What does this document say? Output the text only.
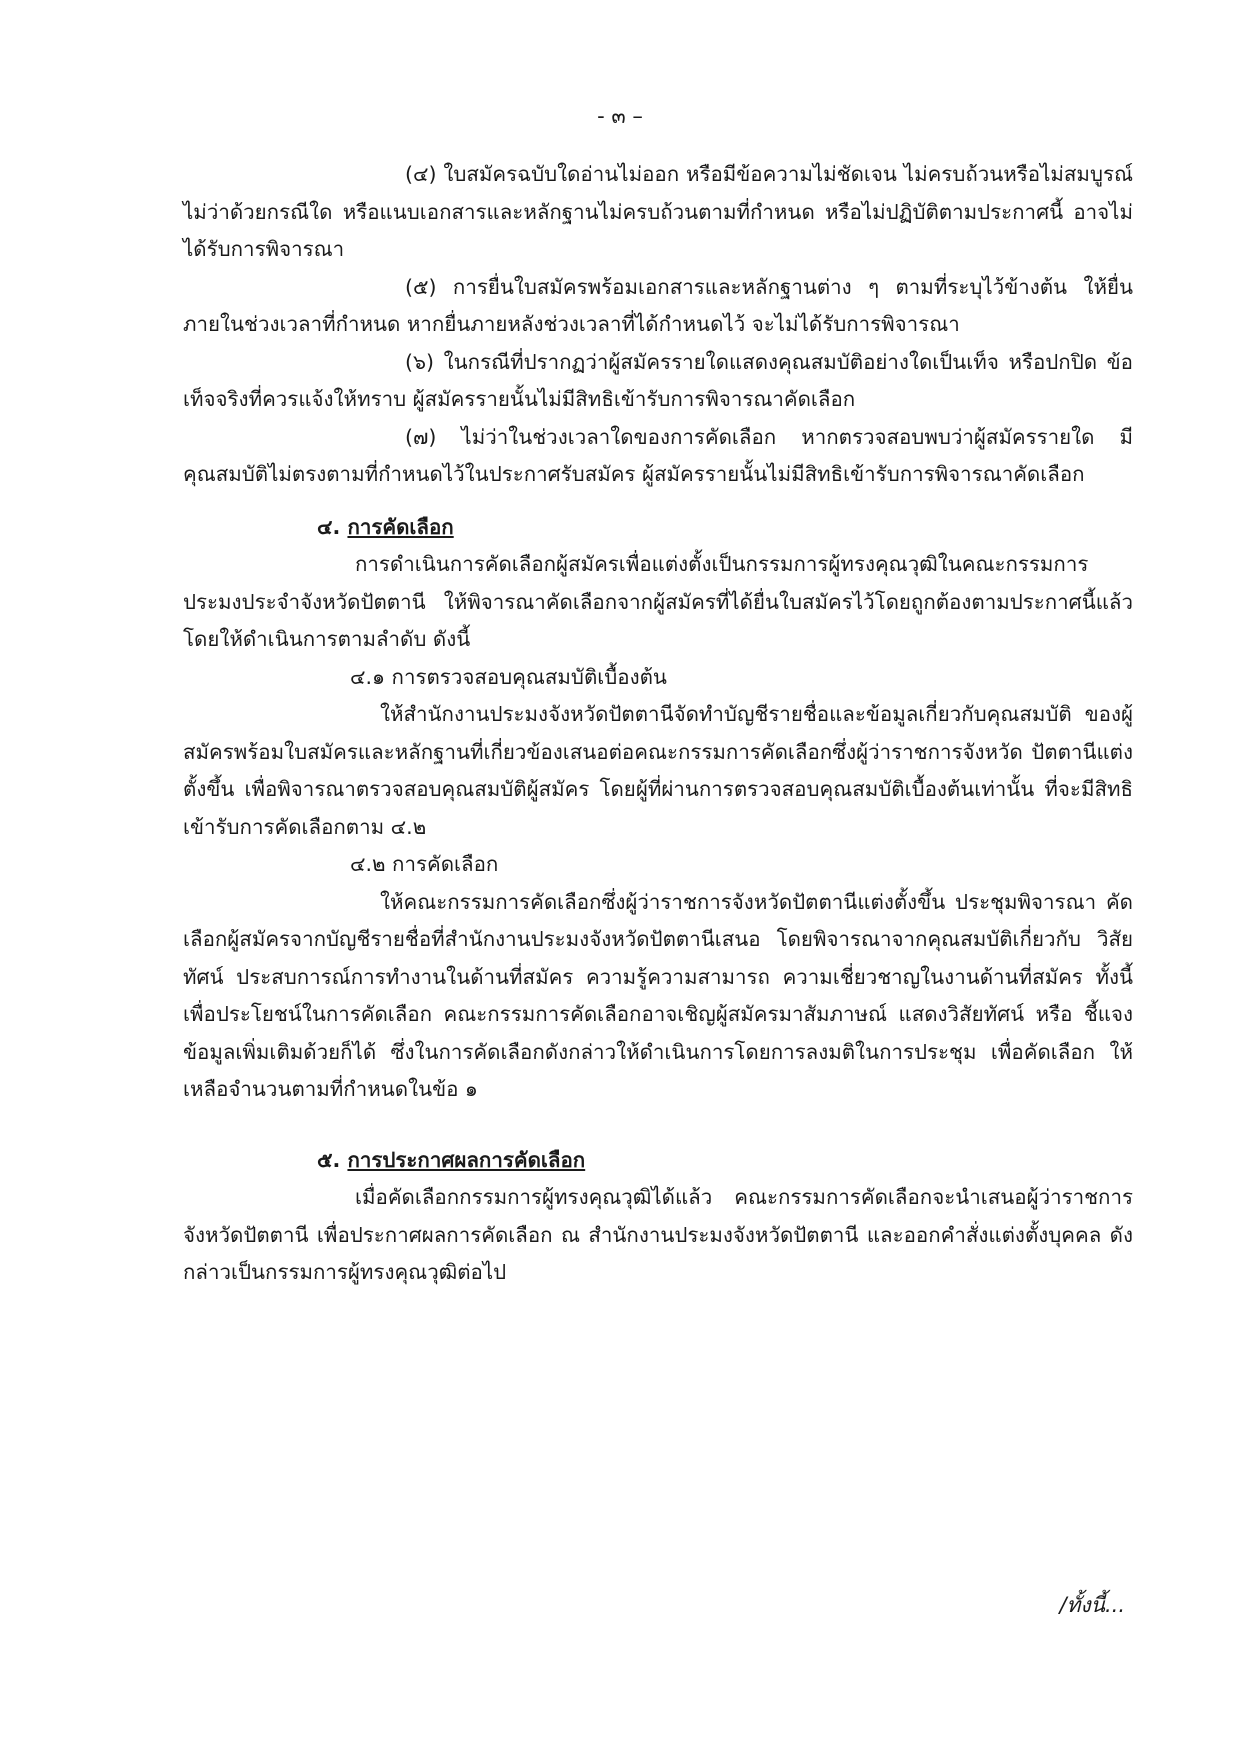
- ๓ –

(๔) ใบสมัครฉบับใดอ่านไม่ออก หรือมีข้อความไม่ชัดเจน ไม่ครบถ้วนหรือไม่สมบูรณ์ ไม่ว่าด้วยกรณีใด หรือแนบเอกสารและหลักฐานไม่ครบถ้วนตามที่กำหนด หรือไม่ปฏิบัติตามประกาศนี้ อาจไม่ได้รับการพิจารณา

(๕) การยื่นใบสมัครพร้อมเอกสารและหลักฐานต่าง ๆ ตามที่ระบุไว้ข้างต้น ให้ยื่นภายในช่วงเวลาที่กำหนด หากยื่นภายหลังช่วงเวลาที่ได้กำหนดไว้ จะไม่ได้รับการพิจารณา

(๖) ในกรณีที่ปรากฏว่าผู้สมัครรายใดแสดงคุณสมบัติอย่างใดเป็นเท็จ หรือปกปิด ข้อเท็จจริงที่ควรแจ้งให้ทราบ ผู้สมัครรายนั้นไม่มีสิทธิเข้ารับการพิจารณาคัดเลือก

(๗) ไม่ว่าในช่วงเวลาใดของการคัดเลือก หากตรวจสอบพบว่าผู้สมัครรายใด มีคุณสมบัติไม่ตรงตามที่กำหนดไว้ในประกาศรับสมัคร ผู้สมัครรายนั้นไม่มีสิทธิเข้ารับการพิจารณาคัดเลือก

๔. การคัดเลือก

การดำเนินการคัดเลือกผู้สมัครเพื่อแต่งตั้งเป็นกรรมการผู้ทรงคุณวุฒิในคณะกรรมการ ประมงประจำจังหวัดปัตตานี ให้พิจารณาคัดเลือกจากผู้สมัครที่ได้ยื่นใบสมัครไว้โดยถูกต้องตามประกาศนี้แล้ว โดยให้ดำเนินการตามลำดับ ดังนี้

๔.๑ การตรวจสอบคุณสมบัติเบื้องต้น

ให้สำนักงานประมงจังหวัดปัตตานีจัดทำบัญชีรายชื่อและข้อมูลเกี่ยวกับคุณสมบัติ ของผู้สมัครพร้อมใบสมัครและหลักฐานที่เกี่ยวข้องเสนอต่อคณะกรรมการคัดเลือกซึ่งผู้ว่าราชการจังหวัด ปัตตานีแต่งตั้งขึ้น เพื่อพิจารณาตรวจสอบคุณสมบัติผู้สมัคร โดยผู้ที่ผ่านการตรวจสอบคุณสมบัติเบื้องต้นเท่านั้น ที่จะมีสิทธิเข้ารับการคัดเลือกตาม ๔.๒

๔.๒ การคัดเลือก

ให้คณะกรรมการคัดเลือกซึ่งผู้ว่าราชการจังหวัดปัตตานีแต่งตั้งขึ้น ประชุมพิจารณา คัดเลือกผู้สมัครจากบัญชีรายชื่อที่สำนักงานประมงจังหวัดปัตตานีเสนอ โดยพิจารณาจากคุณสมบัติเกี่ยวกับ วิสัยทัศน์ ประสบการณ์การทำงานในด้านที่สมัคร ความรู้ความสามารถ ความเชี่ยวชาญในงานด้านที่สมัคร ทั้งนี้เพื่อประโยชน์ในการคัดเลือก คณะกรรมการคัดเลือกอาจเชิญผู้สมัครมาสัมภาษณ์ แสดงวิสัยทัศน์ หรือ ชี้แจงข้อมูลเพิ่มเติมด้วยก็ได้ ซึ่งในการคัดเลือกดังกล่าวให้ดำเนินการโดยการลงมติในการประชุม เพื่อคัดเลือก ให้เหลือจำนวนตามที่กำหนดในข้อ ๑

๕. การประกาศผลการคัดเลือก

เมื่อคัดเลือกกรรมการผู้ทรงคุณวุฒิได้แล้ว คณะกรรมการคัดเลือกจะนำเสนอผู้ว่าราชการ จังหวัดปัตตานี เพื่อประกาศผลการคัดเลือก ณ สำนักงานประมงจังหวัดปัตตานี และออกคำสั่งแต่งตั้งบุคคล ดังกล่าวเป็นกรรมการผู้ทรงคุณวุฒิต่อไป

/ทั้งนี้...
